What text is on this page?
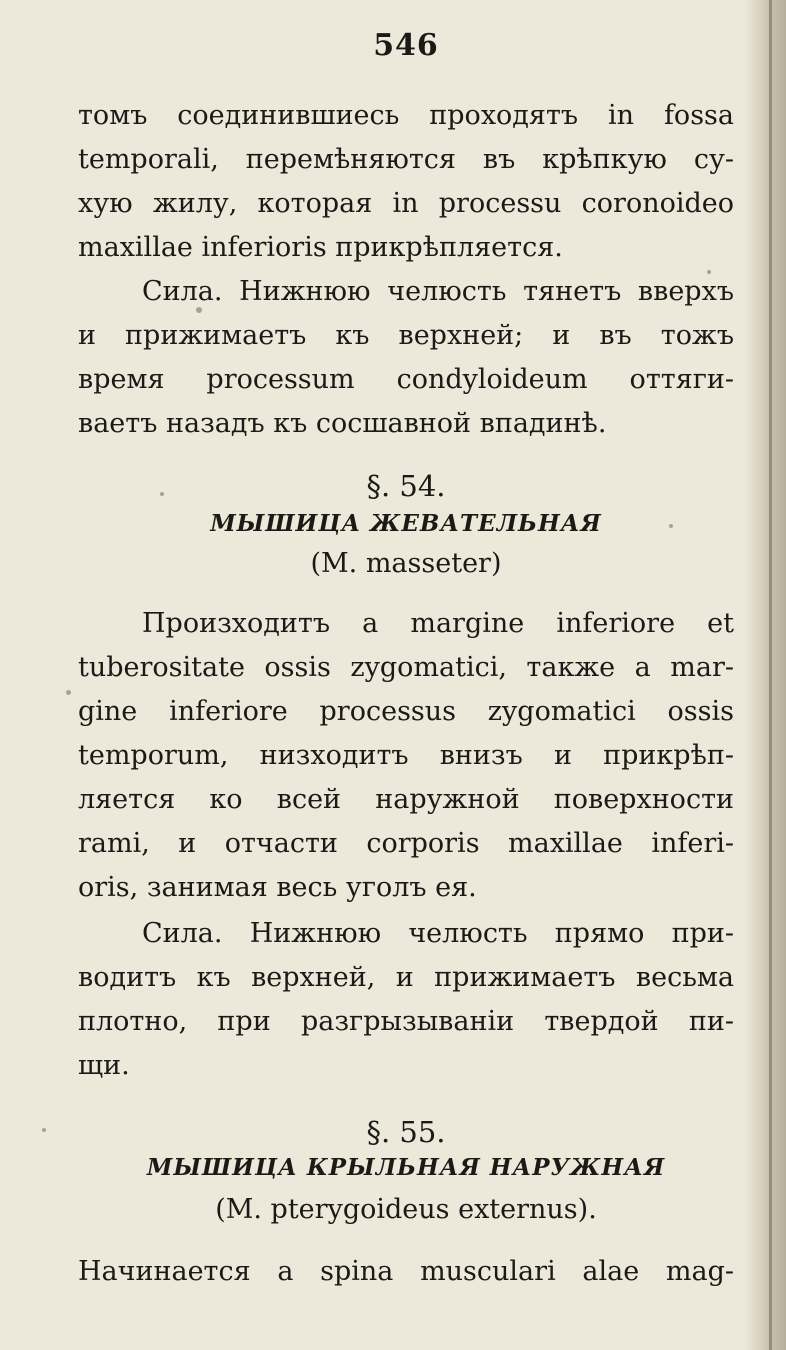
546
томъ соединившиесь проходятъ in fossa
temporali, перемѣняются въ крѣпкую су-
хую жилу, которая in processu coronoideo
maxillae inferioris прикрѣпляется.
Сила. Нижнюю челюсть тянетъ вверхъ
и прижимаетъ къ верхней; и въ тожъ
время processum condyloideum оттяги-
ваетъ назадъ къ сосшавной впадинѣ.
§. 54.
МЫШИЦА ЖЕВАТЕЛЬНАЯ
(M. masseter)
Произходитъ a margine inferiore et
tuberositate ossis zygomatici, также a mar-
gine inferiore processus zygomatici ossis
temporum, низходитъ внизъ и прикрѣп-
ляется ко всей наружной поверхности
rami, и отчасти corporis maxillae inferi-
oris, занимая весь уголъ ея.
Сила. Нижнюю челюсть прямо при-
водитъ къ верхней, и прижимаетъ весьма
плотно, при разгрызываніи твердой пи-
щи.
§. 55.
МЫШИЦА КРЫЛЬНАЯ НАРУЖНАЯ
(M. pterygoideus externus).
Начинается a spina musculari alae mag-
